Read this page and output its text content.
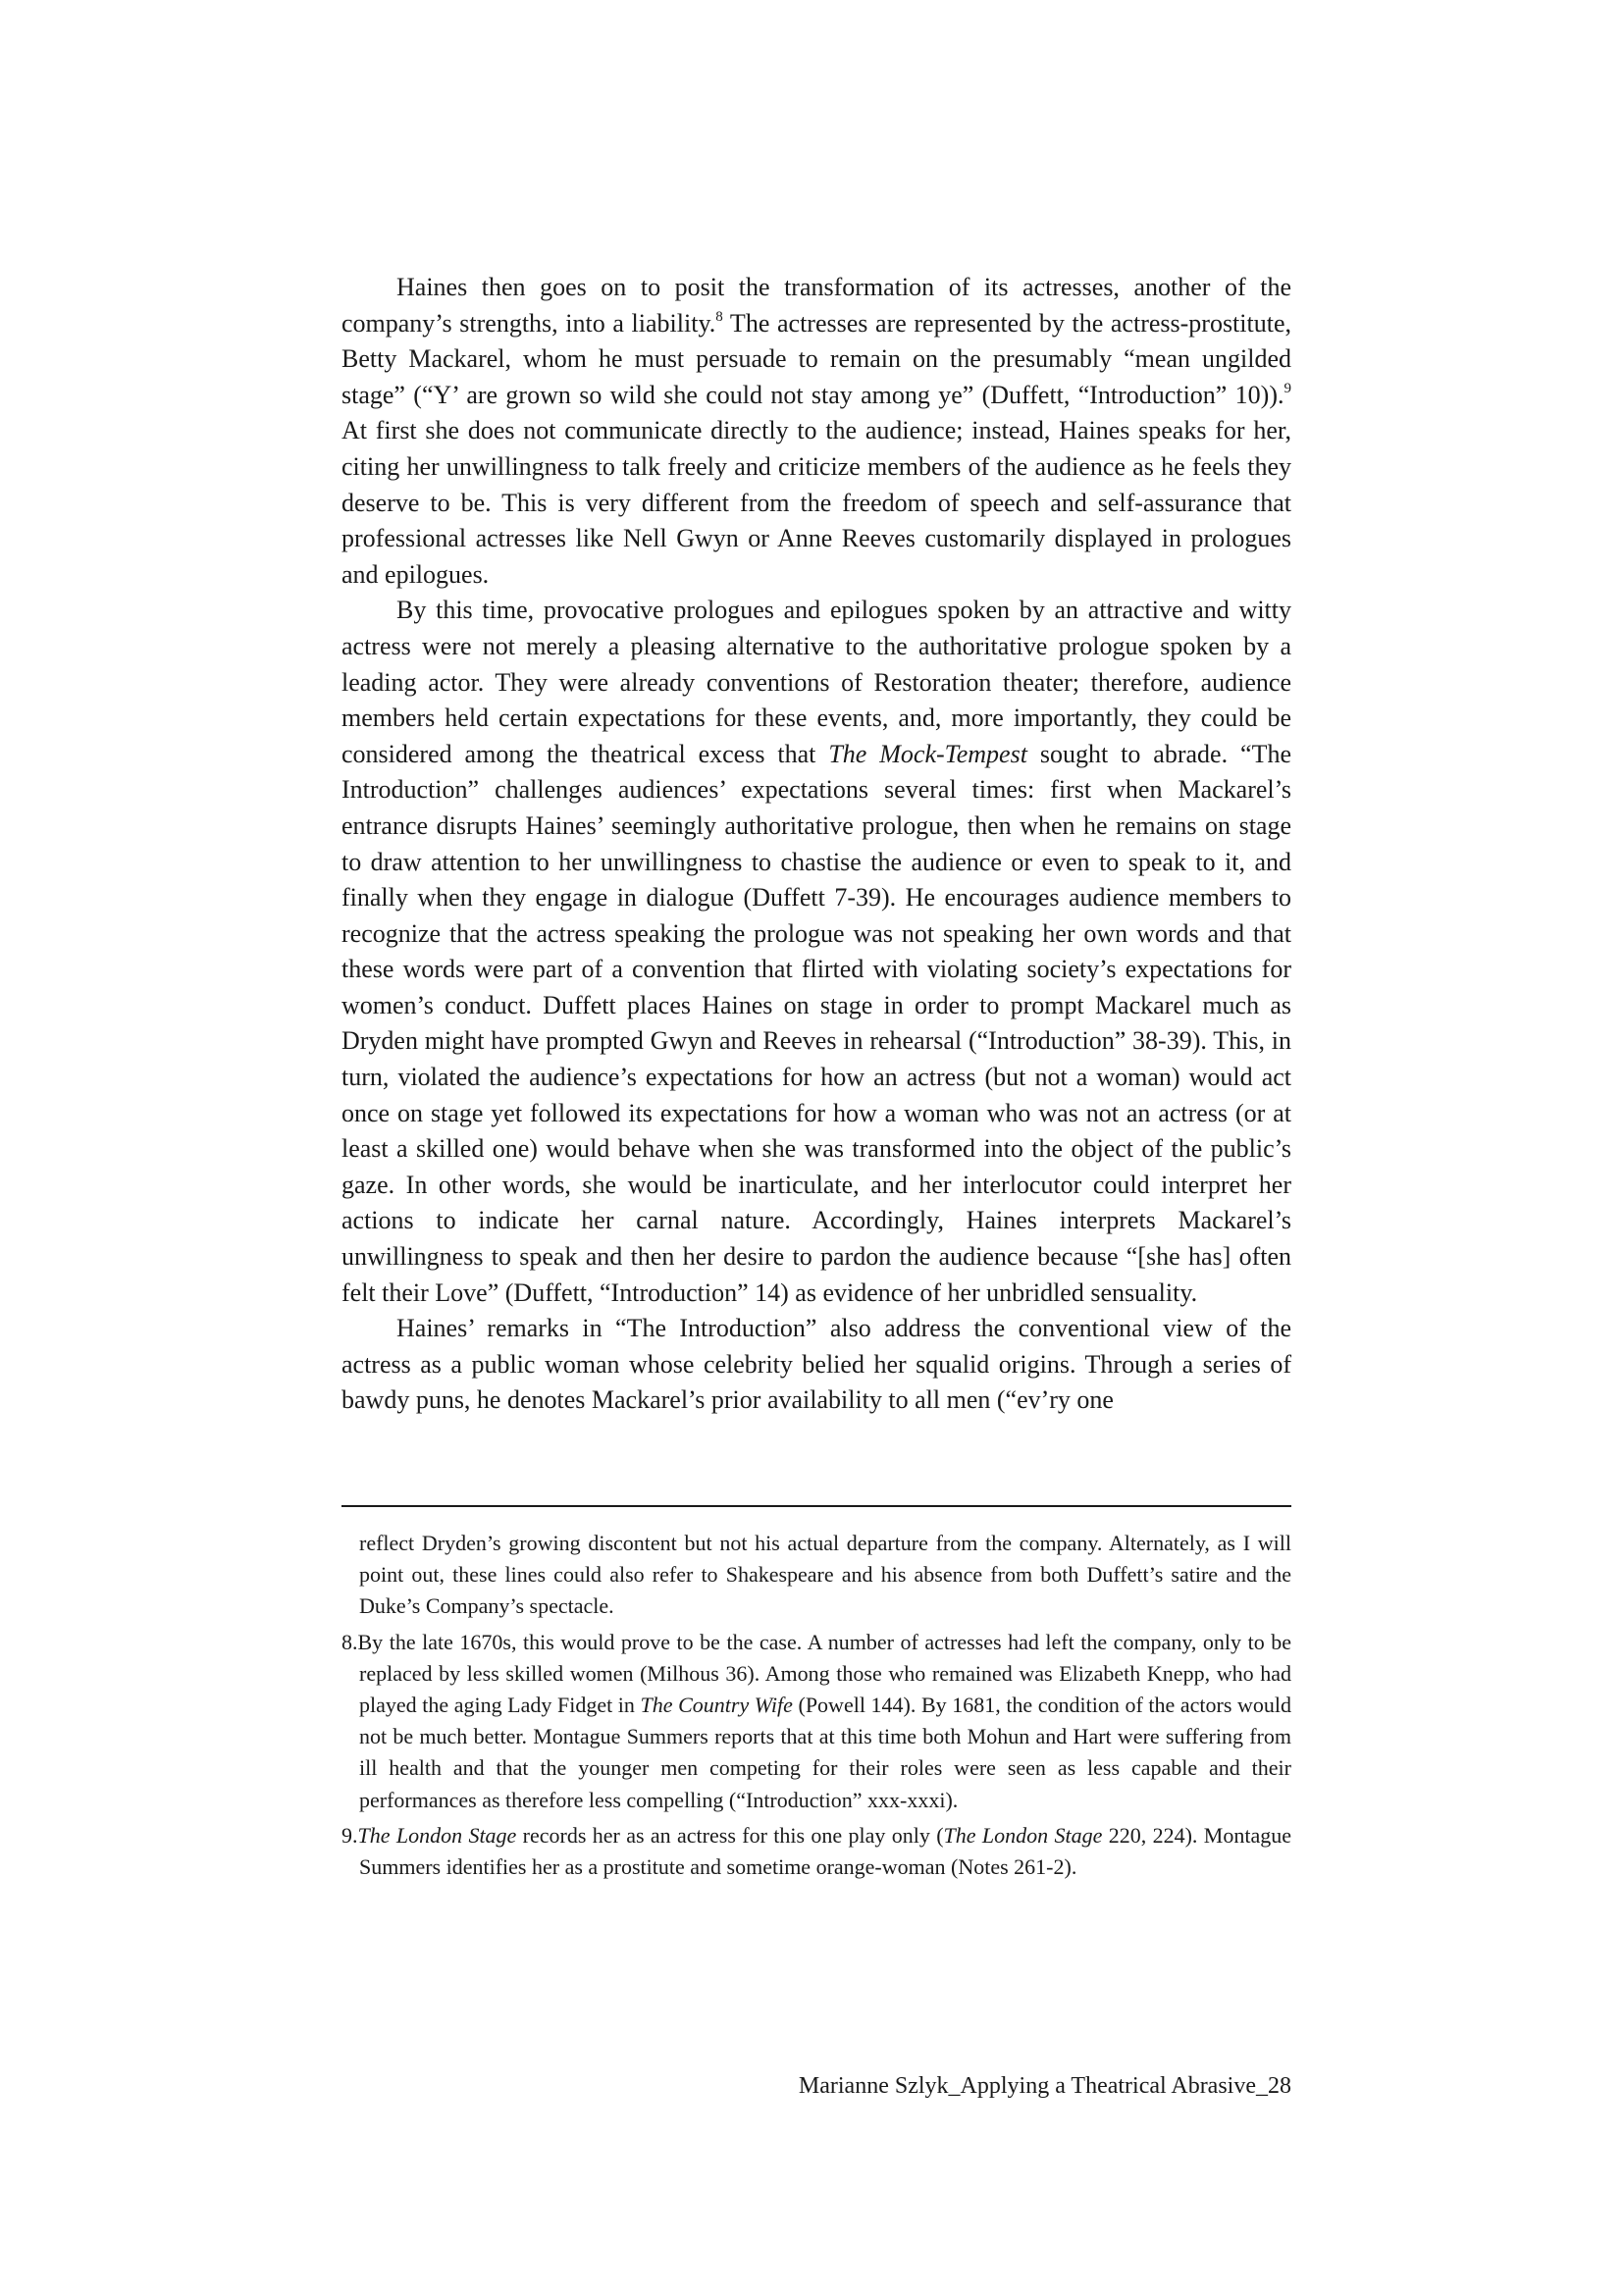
Haines then goes on to posit the transformation of its actresses, another of the company’s strengths, into a liability.$^8$ The actresses are represented by the actress-prostitute, Betty Mackarel, whom he must persuade to remain on the presumably “mean ungilded stage” (“Y’ are grown so wild she could not stay among ye” (Duffett, “Introduction” 10)).$^9$ At first she does not communicate directly to the audience; instead, Haines speaks for her, citing her unwillingness to talk freely and criticize members of the audience as he feels they deserve to be. This is very different from the freedom of speech and self-assurance that professional actresses like Nell Gwyn or Anne Reeves customarily displayed in prologues and epilogues.

By this time, provocative prologues and epilogues spoken by an attractive and witty actress were not merely a pleasing alternative to the authoritative prologue spoken by a leading actor. They were already conventions of Restoration theater; therefore, audience members held certain expectations for these events, and, more importantly, they could be considered among the theatrical excess that The Mock-Tempest sought to abrade. “The Introduction” challenges audiences’ expectations several times: first when Mackarel’s entrance disrupts Haines’ seemingly authoritative prologue, then when he remains on stage to draw attention to her unwillingness to chastise the audience or even to speak to it, and finally when they engage in dialogue (Duffett 7-39). He encourages audience members to recognize that the actress speaking the prologue was not speaking her own words and that these words were part of a convention that flirted with violating society’s expectations for women’s conduct. Duffett places Haines on stage in order to prompt Mackarel much as Dryden might have prompted Gwyn and Reeves in rehearsal (“Introduction” 38-39). This, in turn, violated the audience’s expectations for how an actress (but not a woman) would act once on stage yet followed its expectations for how a woman who was not an actress (or at least a skilled one) would behave when she was transformed into the object of the public’s gaze. In other words, she would be inarticulate, and her interlocutor could interpret her actions to indicate her carnal nature. Accordingly, Haines interprets Mackarel’s unwillingness to speak and then her desire to pardon the audience because “[she has] often felt their Love” (Duffett, “Introduction” 14) as evidence of her unbridled sensuality.

Haines’ remarks in “The Introduction” also address the conventional view of the actress as a public woman whose celebrity belied her squalid origins. Through a series of bawdy puns, he denotes Mackarel’s prior availability to all men (“ev’ry one

reflect Dryden’s growing discontent but not his actual departure from the company. Alternately, as I will point out, these lines could also refer to Shakespeare and his absence from both Duffett’s satire and the Duke’s Company’s spectacle.

8.By the late 1670s, this would prove to be the case. A number of actresses had left the company, only to be replaced by less skilled women (Milhous 36). Among those who remained was Elizabeth Knepp, who had played the aging Lady Fidget in The Country Wife (Powell 144). By 1681, the condition of the actors would not be much better. Montague Summers reports that at this time both Mohun and Hart were suffering from ill health and that the younger men competing for their roles were seen as less capable and their performances as therefore less compelling (“Introduction” xxx-xxxi).

9.The London Stage records her as an actress for this one play only (The London Stage 220, 224). Montague Summers identifies her as a prostitute and sometime orange-woman (Notes 261-2).

Marianne Szlyk_Applying a Theatrical Abrasive_28
